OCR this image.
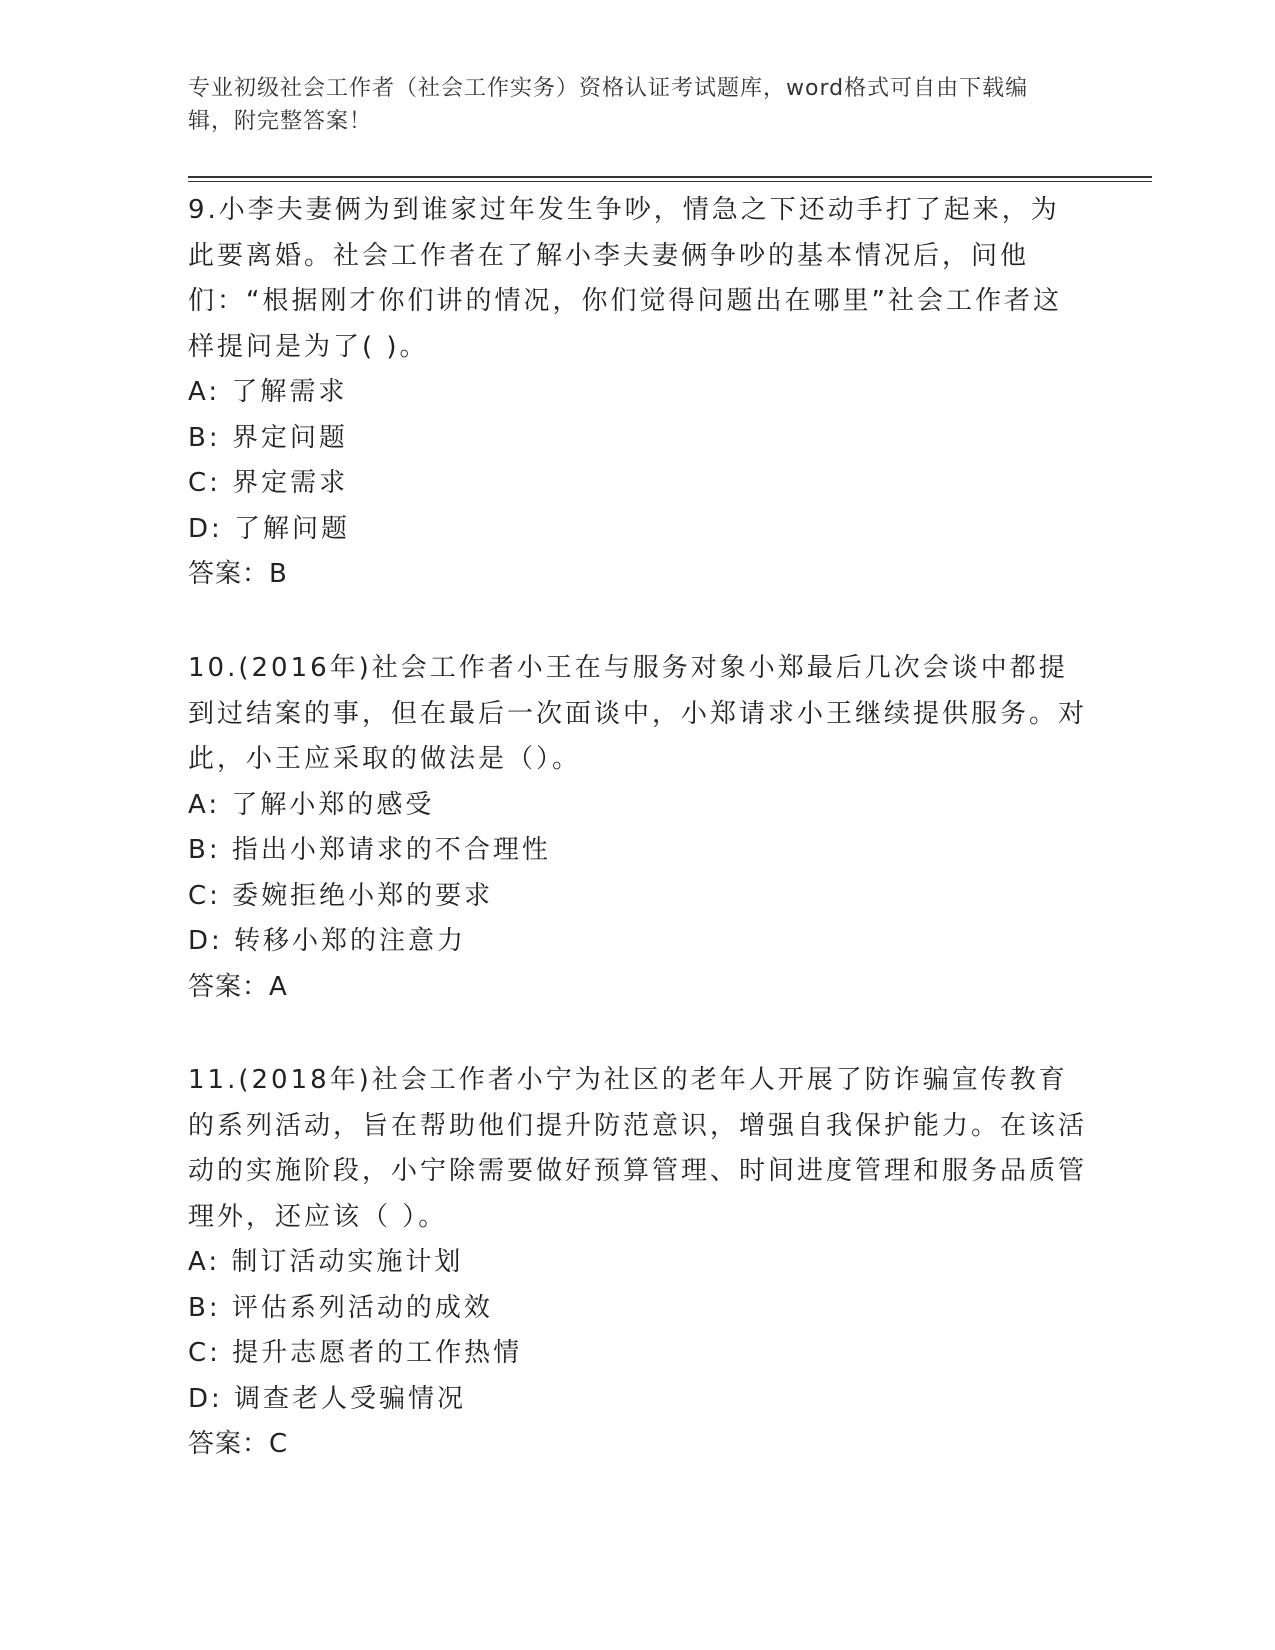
专业初级社会工作者（社会工作实务）资格认证考试题库，word格式可自由下载编辑，附完整答案！

9.小李夫妻俩为到谁家过年发生争吵，情急之下还动手打了起来，为此要离婚。社会工作者在了解小李夫妻俩争吵的基本情况后，问他们：“根据刚才你们讲的情况，你们觉得问题出在哪里”社会工作者这样提问是为了( )。

A: 了解需求

B: 界定问题

C: 界定需求

D: 了解问题

答案：B

10.(2016年)社会工作者小王在与服务对象小郑最后几次会谈中都提到过结案的事，但在最后一次面谈中，小郑请求小王继续提供服务。对此，小王应采取的做法是（）。

A: 了解小郑的感受

B: 指出小郑请求的不合理性

C: 委婉拒绝小郑的要求

D: 转移小郑的注意力

答案：A

11.(2018年)社会工作者小宁为社区的老年人开展了防诈骗宣传教育的系列活动，旨在帮助他们提升防范意识，增强自我保护能力。在该活动的实施阶段，小宁除需要做好预算管理、时间进度管理和服务品质管理外，还应该（ ）。

A: 制订活动实施计划

B: 评估系列活动的成效

C: 提升志愿者的工作热情

D: 调查老人受骗情况

答案：C
